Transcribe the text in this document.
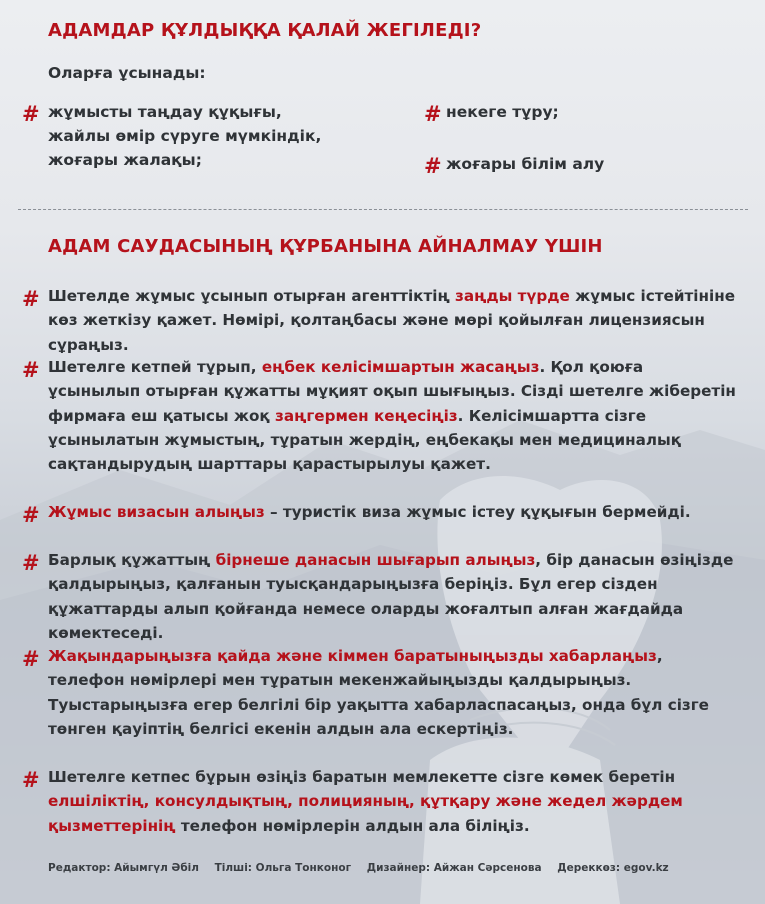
АДАМДАР ҚҰЛДЫҚҚА ҚАЛАЙ ЖЕГІЛЕДІ?
Оларға ұсынады:
# жұмысты таңдау құқығы,
жайлы өмір сүруге мүмкіндік,
жоғары жалақы;
# некеге тұру;
# жоғары білім алу
АДАМ САУДАСЫНЫҢ ҚҰРБАНЫНА АЙНАЛМАУ ҮШІН
# Шетелде жұмыс ұсынып отырған агенттіктің заңды түрде жұмыс істейтініне көз жеткізу қажет. Нөмірі, қолтаңбасы және мөрі қойылған лицензиясын сұраңыз.

# Шетелге кетпей тұрып, еңбек келісімшартын жасаңыз. Қол қоюға ұсынылып отырған құжатты мұқият оқып шығыңыз. Сізді шетелге жіберетін фирмаға еш қатысы жоқ заңгермен кеңесіңіз. Келісімшартта сізге ұсынылатын жұмыстың, тұратын жердің, еңбекақы мен медициналық сақтандырудың шарттары қарастырылуы қажет.

# Жұмыс визасын алыңыз – туристік виза жұмыс істеу құқығын бермейді.

# Барлық құжаттың бірнеше данасын шығарып алыңыз, бір данасын өзіңізде қалдырыңыз, қалғанын туысқандарыңызға беріңіз. Бұл егер сізден құжаттарды алып қойғанда немесе оларды жоғалтып алған жағдайда көмектеседі.

# Жақындарыңызға қайда және кіммен баратыныңызды хабарлаңыз, телефон нөмірлері мен тұратын мекенжайыңызды қалдырыңыз. Туыстарыңызға егер белгілі бір уақытта хабарласпасаңыз, онда бұл сізге төнген қауіптің белгісі екенін алдын ала ескертіңіз.

# Шетелге кетпес бұрын өзіңіз баратын мемлекетте сізге көмек беретін елшіліктің, консулдықтың, полицияның, құтқару және жедел жәрдем қызметтерінің телефон нөмірлерін алдын ала біліңіз.

Редактор: Айымгүл Әбіл Тілші: Ольга Тонконог Дизайнер: Айжан Сәрсенова Дереккөз: egov.kz
